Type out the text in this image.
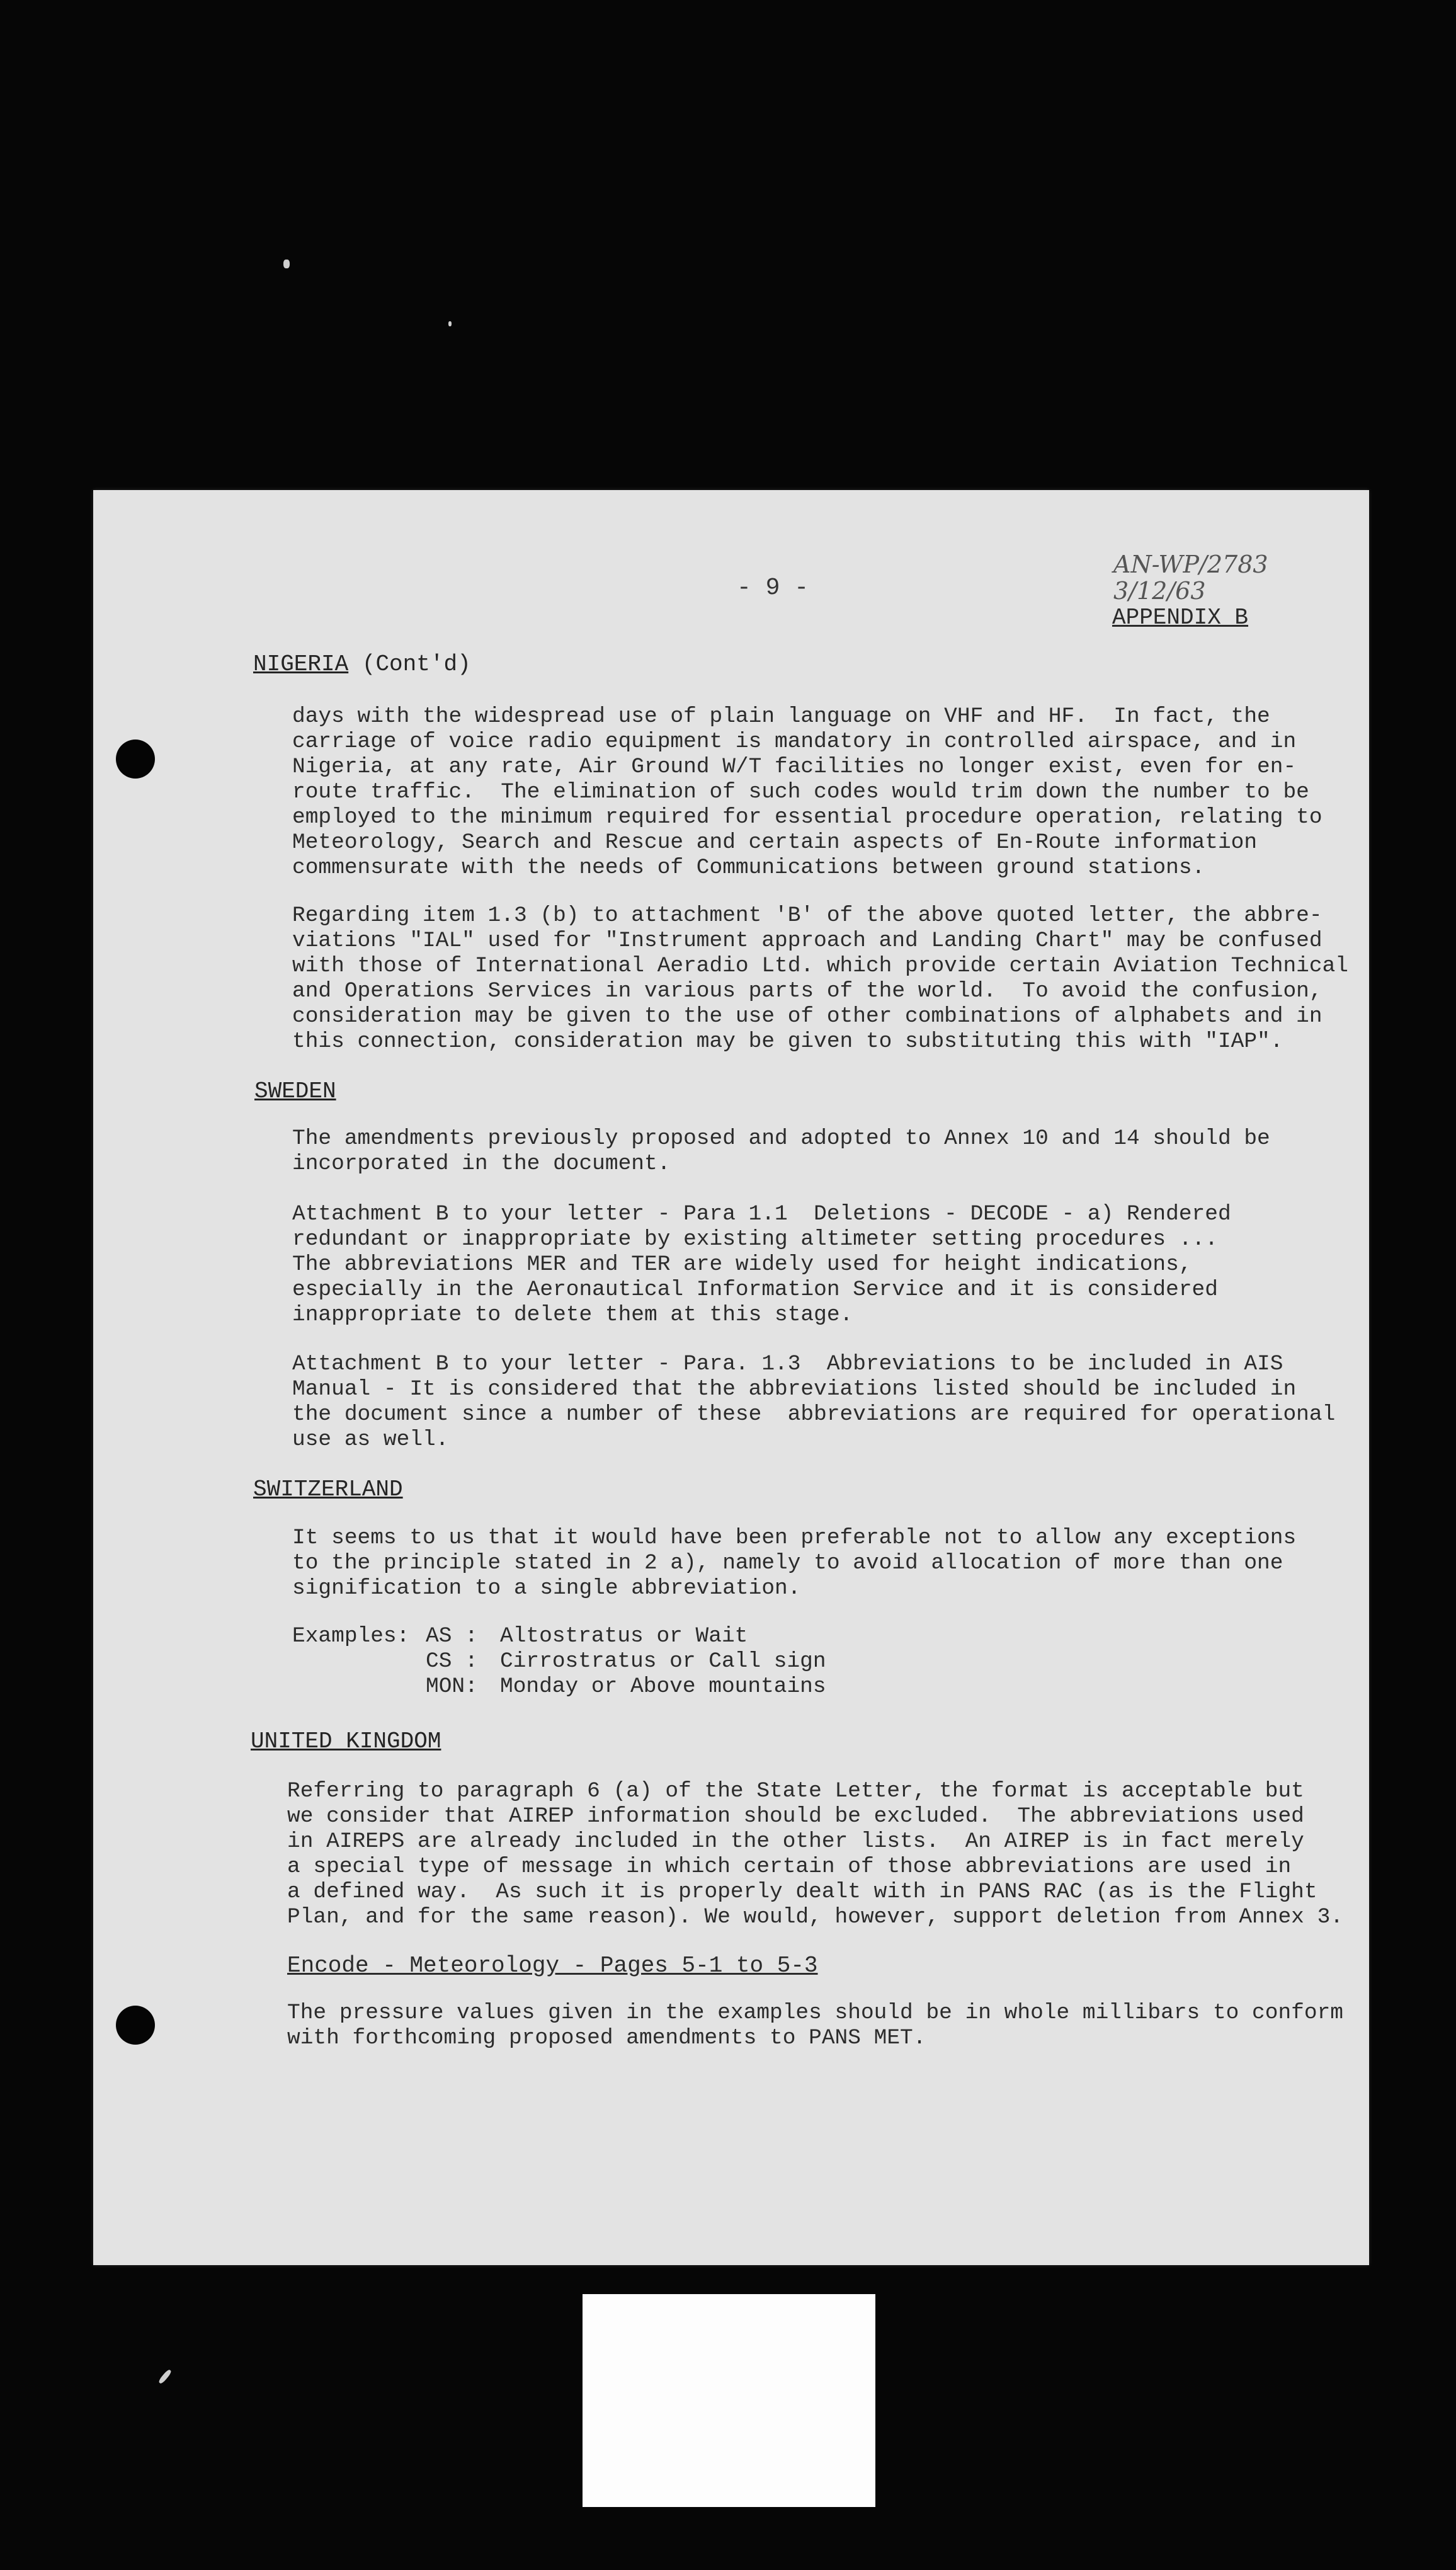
- 9 -
AN-WP/2783
3/12/63
APPENDIX B
NIGERIA (Cont'd)
days with the widespread use of plain language on VHF and HF.  In fact, the
carriage of voice radio equipment is mandatory in controlled airspace, and in
Nigeria, at any rate, Air Ground W/T facilities no longer exist, even for en-
route traffic.  The elimination of such codes would trim down the number to be
employed to the minimum required for essential procedure operation, relating to
Meteorology, Search and Rescue and certain aspects of En-Route information
commensurate with the needs of Communications between ground stations.
Regarding item 1.3 (b) to attachment 'B' of the above quoted letter, the abbre-
viations "IAL" used for "Instrument approach and Landing Chart" may be confused
with those of International Aeradio Ltd. which provide certain Aviation Technical
and Operations Services in various parts of the world.  To avoid the confusion,
consideration may be given to the use of other combinations of alphabets and in
this connection, consideration may be given to substituting this with "IAP".
SWEDEN
The amendments previously proposed and adopted to Annex 10 and 14 should be
incorporated in the document.
Attachment B to your letter - Para 1.1  Deletions - DECODE - a) Rendered
redundant or inappropriate by existing altimeter setting procedures ...
The abbreviations MER and TER are widely used for height indications,
especially in the Aeronautical Information Service and it is considered
inappropriate to delete them at this stage.
Attachment B to your letter - Para. 1.3  Abbreviations to be included in AIS
Manual - It is considered that the abbreviations listed should be included in
the document since a number of these  abbreviations are required for operational
use as well.
SWITZERLAND
It seems to us that it would have been preferable not to allow any exceptions
to the principle stated in 2 a), namely to avoid allocation of more than one
signification to a single abbreviation.
Examples: AS : Altostratus or Wait
CS : Cirrostratus or Call sign
MON: Monday or Above mountains
UNITED KINGDOM
Referring to paragraph 6 (a) of the State Letter, the format is acceptable but
we consider that AIREP information should be excluded.  The abbreviations used
in AIREPS are already included in the other lists.  An AIREP is in fact merely
a special type of message in which certain of those abbreviations are used in
a defined way.  As such it is properly dealt with in PANS RAC (as is the Flight
Plan, and for the same reason). We would, however, support deletion from Annex
Encode - Meteorology - Pages 5-1 to 5-3
The pressure values given in the examples should be in whole millibars to conform
with forthcoming proposed amendments to PANS MET.
